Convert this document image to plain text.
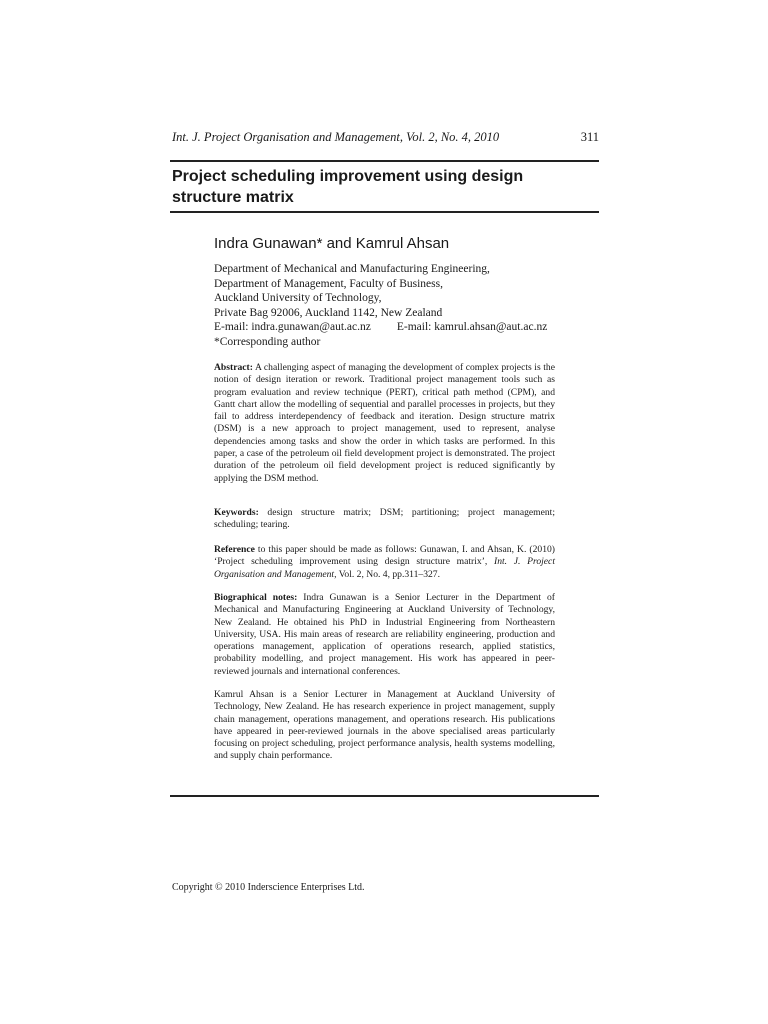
Int. J. Project Organisation and Management, Vol. 2, No. 4, 2010	311
Project scheduling improvement using design
structure matrix
Indra Gunawan* and Kamrul Ahsan
Department of Mechanical and Manufacturing Engineering,
Department of Management, Faculty of Business,
Auckland University of Technology,
Private Bag 92006, Auckland 1142, New Zealand
E-mail: indra.gunawan@aut.ac.nz E-mail: kamrul.ahsan@aut.ac.nz
*Corresponding author
Abstract: A challenging aspect of managing the development of complex projects is the notion of design iteration or rework. Traditional project management tools such as program evaluation and review technique (PERT), critical path method (CPM), and Gantt chart allow the modelling of sequential and parallel processes in projects, but they fail to address interdependency of feedback and iteration. Design structure matrix (DSM) is a new approach to project management, used to represent, analyse dependencies among tasks and show the order in which tasks are performed. In this paper, a case of the petroleum oil field development project is demonstrated. The project duration of the petroleum oil field development project is reduced significantly by applying the DSM method.
Keywords: design structure matrix; DSM; partitioning; project management; scheduling; tearing.
Reference to this paper should be made as follows: Gunawan, I. and Ahsan, K. (2010) ‘Project scheduling improvement using design structure matrix’, Int. J. Project Organisation and Management, Vol. 2, No. 4, pp.311–327.
Biographical notes: Indra Gunawan is a Senior Lecturer in the Department of Mechanical and Manufacturing Engineering at Auckland University of Technology, New Zealand. He obtained his PhD in Industrial Engineering from Northeastern University, USA. His main areas of research are reliability engineering, production and operations management, application of operations research, applied statistics, probability modelling, and project management. His work has appeared in peer-reviewed journals and international conferences.
Kamrul Ahsan is a Senior Lecturer in Management at Auckland University of Technology, New Zealand. He has research experience in project management, supply chain management, operations management, and operations research. His publications have appeared in peer-reviewed journals in the above specialised areas particularly focusing on project scheduling, project performance analysis, health systems modelling, and supply chain performance.
Copyright © 2010 Inderscience Enterprises Ltd.
